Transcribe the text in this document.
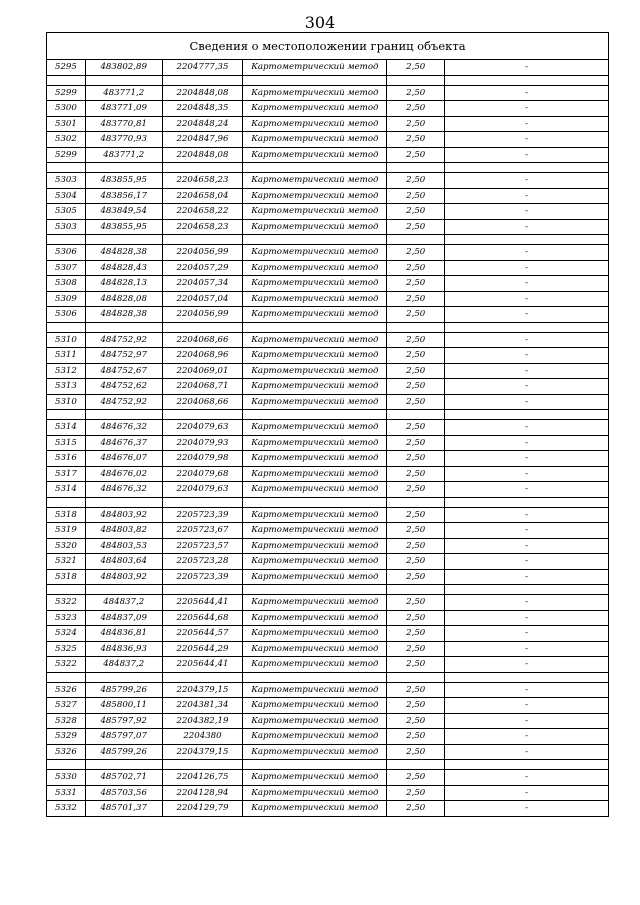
304
Сведения о местоположении границ объекта					
5295	483802,89	2204777,35	Картометрический метод	2,50	-

5299	483771,2	2204848,08	Картометрический метод	2,50	-
5300	483771,09	2204848,35	Картометрический метод	2,50	-
5301	483770,81	2204848,24	Картометрический метод	2,50	-
5302	483770,93	2204847,96	Картометрический метод	2,50	-
5299	483771,2	2204848,08	Картометрический метод	2,50	-

5303	483855,95	2204658,23	Картометрический метод	2,50	-
5304	483856,17	2204658,04	Картометрический метод	2,50	-
5305	483849,54	2204658,22	Картометрический метод	2,50	-
5303	483855,95	2204658,23	Картометрический метод	2,50	-

5306	484828,38	2204056,99	Картометрический метод	2,50	-
5307	484828,43	2204057,29	Картометрический метод	2,50	-
5308	484828,13	2204057,34	Картометрический метод	2,50	-
5309	484828,08	2204057,04	Картометрический метод	2,50	-
5306	484828,38	2204056,99	Картометрический метод	2,50	-

5310	484752,92	2204068,66	Картометрический метод	2,50	-
5311	484752,97	2204068,96	Картометрический метод	2,50	-
5312	484752,67	2204069,01	Картометрический метод	2,50	-
5313	484752,62	2204068,71	Картометрический метод	2,50	-
5310	484752,92	2204068,66	Картометрический метод	2,50	-

5314	484676,32	2204079,63	Картометрический метод	2,50	-
5315	484676,37	2204079,93	Картометрический метод	2,50	-
5316	484676,07	2204079,98	Картометрический метод	2,50	-
5317	484676,02	2204079,68	Картометрический метод	2,50	-
5314	484676,32	2204079,63	Картометрический метод	2,50	-

5318	484803,92	2205723,39	Картометрический метод	2,50	-
5319	484803,82	2205723,67	Картометрический метод	2,50	-
5320	484803,53	2205723,57	Картометрический метод	2,50	-
5321	484803,64	2205723,28	Картометрический метод	2,50	-
5318	484803,92	2205723,39	Картометрический метод	2,50	-

5322	484837,2	2205644,41	Картометрический метод	2,50	-
5323	484837,09	2205644,68	Картометрический метод	2,50	-
5324	484836,81	2205644,57	Картометрический метод	2,50	-
5325	484836,93	2205644,29	Картометрический метод	2,50	-
5322	484837,2	2205644,41	Картометрический метод	2,50	-

5326	485799,26	2204379,15	Картометрический метод	2,50	-
5327	485800,11	2204381,34	Картометрический метод	2,50	-
5328	485797,92	2204382,19	Картометрический метод	2,50	-
5329	485797,07	2204380	Картометрический метод	2,50	-
5326	485799,26	2204379,15	Картометрический метод	2,50	-

5330	485702,71	2204126,75	Картометрический метод	2,50	-
5331	485703,56	2204128,94	Картометрический метод	2,50	-
5332	485701,37	2204129,79	Картометрический метод	2,50	-
